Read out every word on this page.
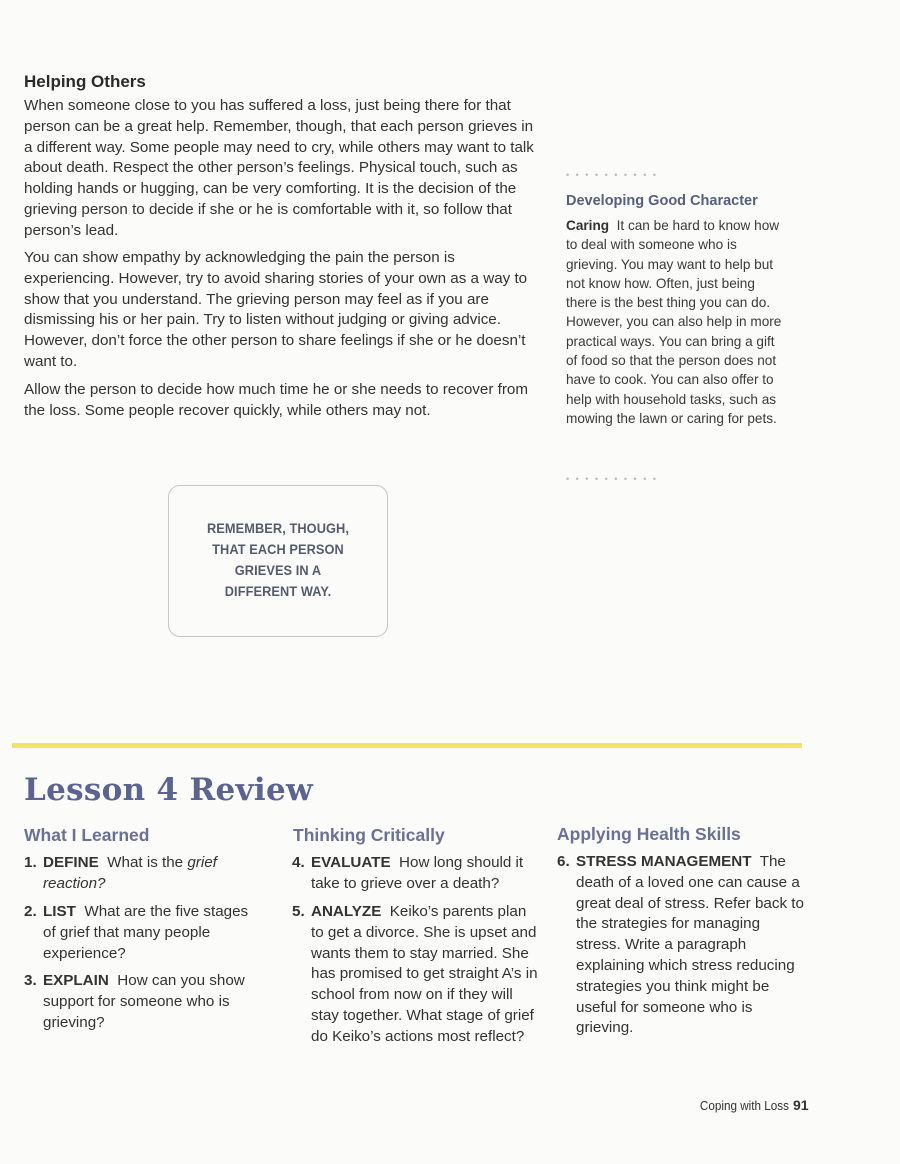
Helping Others

When someone close to you has suffered a loss, just being there for that person can be a great help. Remember, though, that each person grieves in a different way. Some people may need to cry, while others may want to talk about death. Respect the other person’s feelings. Physical touch, such as holding hands or hugging, can be very comforting. It is the decision of the grieving person to decide if she or he is comfortable with it, so follow that person’s lead.

You can show empathy by acknowledging the pain the person is experiencing. However, try to avoid sharing stories of your own as a way to show that you understand. The grieving person may feel as if you are dismissing his or her pain. Try to listen without judging or giving advice. However, don’t force the other person to share feelings if she or he doesn’t want to.

Allow the person to decide how much time he or she needs to recover from the loss. Some people recover quickly, while others may not.

••••••••••
Developing Good Character

Caring It can be hard to know how to deal with someone who is grieving. You may want to help but not know how. Often, just being there is the best thing you can do. However, you can also help in more practical ways. You can bring a gift of food so that the person does not have to cook. You can also offer to help with household tasks, such as mowing the lawn or caring for pets.

••••••••••
REMEMBER, THOUGH, THAT EACH PERSON GRIEVES IN A DIFFERENT WAY.
Lesson 4 Review
What I Learned	Thinking Critically	Applying Health Skills
1. DEFINE What is the grief reaction?
2. LIST What are the five stages of grief that many people experience?
3. EXPLAIN How can you show support for someone who is grieving?
4. EVALUATE How long should it take to grieve over a death?
5. ANALYZE Keiko’s parents plan to get a divorce. She is upset and wants them to stay married. She has promised to get straight A’s in school from now on if they will stay together. What stage of grief do Keiko’s actions most reflect?
6. STRESS MANAGEMENT The death of a loved one can cause a great deal of stress. Refer back to the strategies for managing stress. Write a paragraph explaining which stress reducing strategies you think might be useful for someone who is grieving.
Coping with Loss 91
